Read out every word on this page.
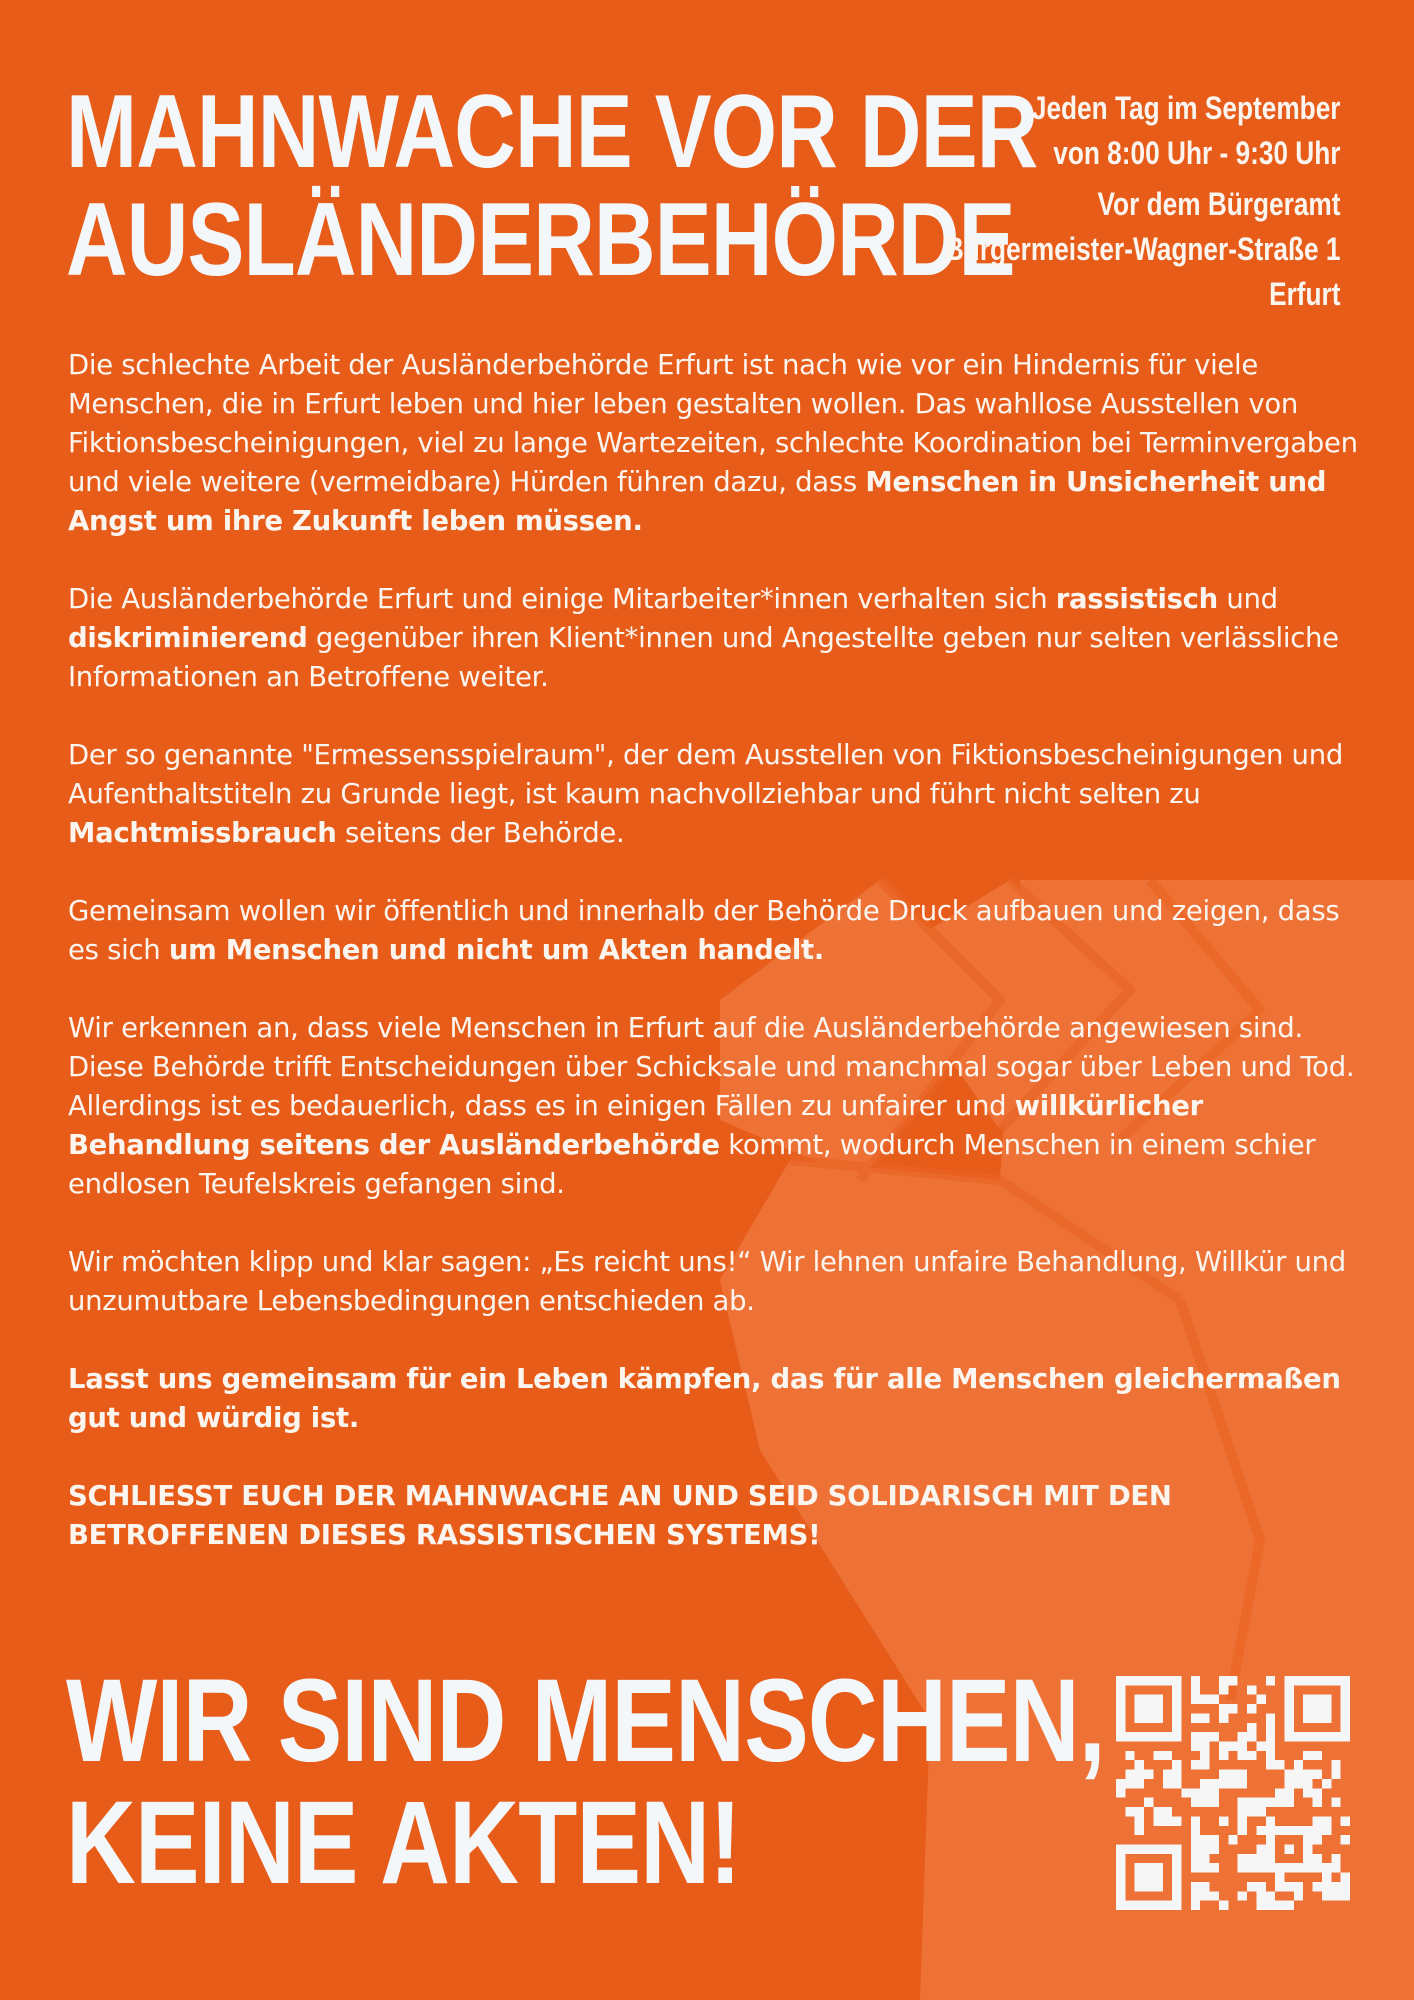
MAHNWACHE VOR DER
AUSLÄNDERBEHÖRDE
Jeden Tag im September
von 8:00 Uhr - 9:30 Uhr
Vor dem Bürgeramt
Bürgermeister-Wagner-Straße 1
Erfurt

Die schlechte Arbeit der Ausländerbehörde Erfurt ist nach wie vor ein Hindernis für viele Menschen, die in Erfurt leben und hier leben gestalten wollen. Das wahllose Ausstellen von Fiktionsbescheinigungen, viel zu lange Wartezeiten, schlechte Koordination bei Terminvergaben und viele weitere (vermeidbare) Hürden führen dazu, dass Menschen in Unsicherheit und Angst um ihre Zukunft leben müssen.

Die Ausländerbehörde Erfurt und einige Mitarbeiter*innen verhalten sich rassistisch und diskriminierend gegenüber ihren Klient*innen und Angestellte geben nur selten verlässliche Informationen an Betroffene weiter.

Der so genannte "Ermessensspielraum", der dem Ausstellen von Fiktionsbescheinigungen und Aufenthaltstiteln zu Grunde liegt, ist kaum nachvollziehbar und führt nicht selten zu Machtmissbrauch seitens der Behörde.

Gemeinsam wollen wir öffentlich und innerhalb der Behörde Druck aufbauen und zeigen, dass es sich um Menschen und nicht um Akten handelt.

Wir erkennen an, dass viele Menschen in Erfurt auf die Ausländerbehörde angewiesen sind. Diese Behörde trifft Entscheidungen über Schicksale und manchmal sogar über Leben und Tod. Allerdings ist es bedauerlich, dass es in einigen Fällen zu unfairer und willkürlicher Behandlung seitens der Ausländerbehörde kommt, wodurch Menschen in einem schier endlosen Teufelskreis gefangen sind.

Wir möchten klipp und klar sagen: „Es reicht uns!“ Wir lehnen unfaire Behandlung, Willkür und unzumutbare Lebensbedingungen entschieden ab.

Lasst uns gemeinsam für ein Leben kämpfen, das für alle Menschen gleichermaßen gut und würdig ist.

SCHLIESST EUCH DER MAHNWACHE AN UND SEID SOLIDARISCH MIT DEN BETROFFENEN DIESES RASSISTISCHEN SYSTEMS!

WIR SIND MENSCHEN,
KEINE AKTEN!
